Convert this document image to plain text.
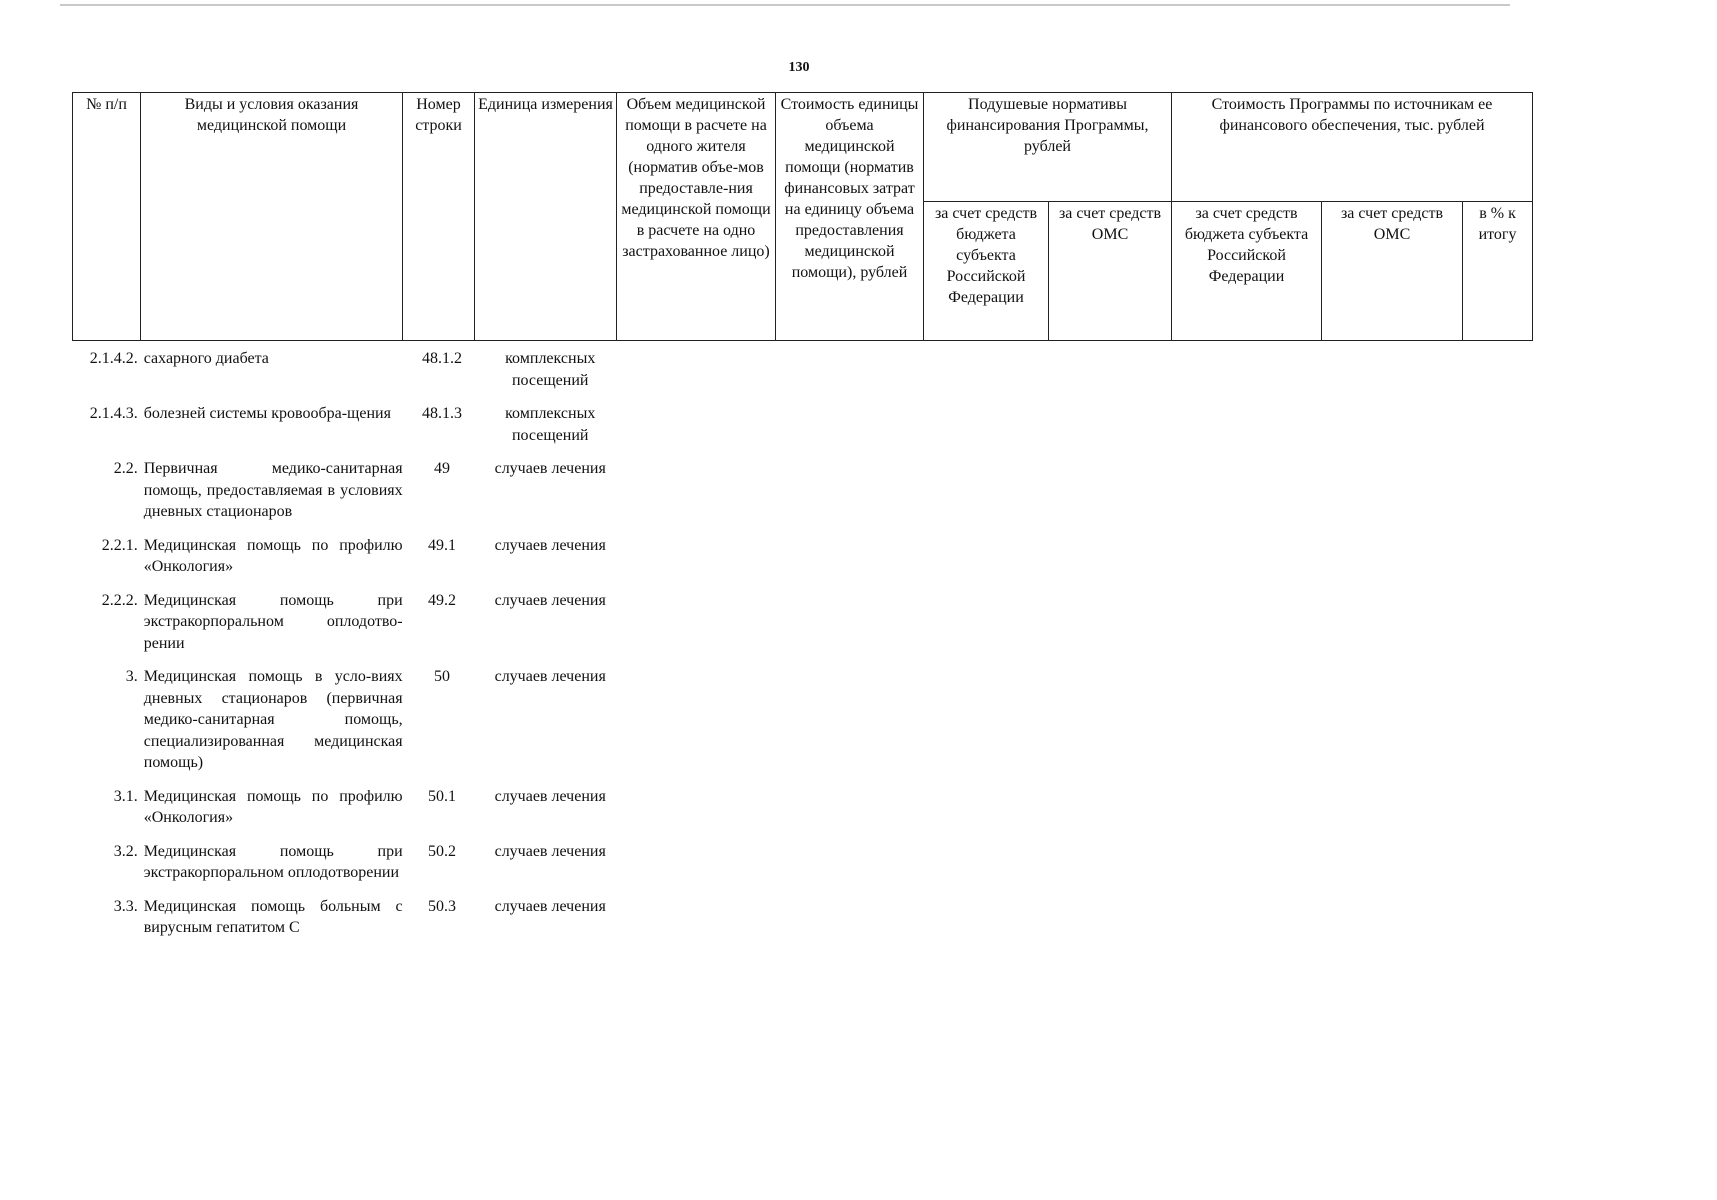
130
№ п/п	Виды и условия оказания медицинской помощи	Номер строки	Единица измерения	Объем медицинской помощи в расчете на одного жителя (норматив объе-мов предоставле-ния медицинской помощи в расчете на одно застрахованное лицо)	Стоимость единицы объема медицинской помощи (норматив финансовых затрат на единицу объема предоставления медицинской помощи), рублей	Подушевые нормативы финансирования Программы, рублей		Стоимость Программы по источникам ее финансового обеспечения, тыс. рублей		
						за счет средств бюджета субъекта Российской Федерации	за счет средств ОМС	за счет средств бюджета субъекта Российской Федерации	за счет средств ОМС	в % к итогу
2.1.4.2.	сахарного диабета	48.1.2	комплексных посещений

2.1.4.3.	болезней системы кровообра-щения	48.1.3	комплексных посещений

2.2.	Первичная медико-санитарная помощь, предоставляемая в условиях дневных стационаров	49	случаев лечения

2.2.1.	Медицинская помощь по профилю «Онкология»	49.1	случаев лечения

2.2.2.	Медицинская помощь при экстракорпоральном оплодотво-рении	49.2	случаев лечения

3.	Медицинская помощь в усло-виях дневных стационаров (первичная медико-санитарная помощь, специализированная медицинская помощь)	50	случаев лечения

3.1.	Медицинская помощь по профилю «Онкология»	50.1	случаев лечения

3.2.	Медицинская помощь при экстракорпоральном оплодотворении	50.2	случаев лечения

3.3.	Медицинская помощь больным с вирусным гепатитом С	50.3	случаев лечения
